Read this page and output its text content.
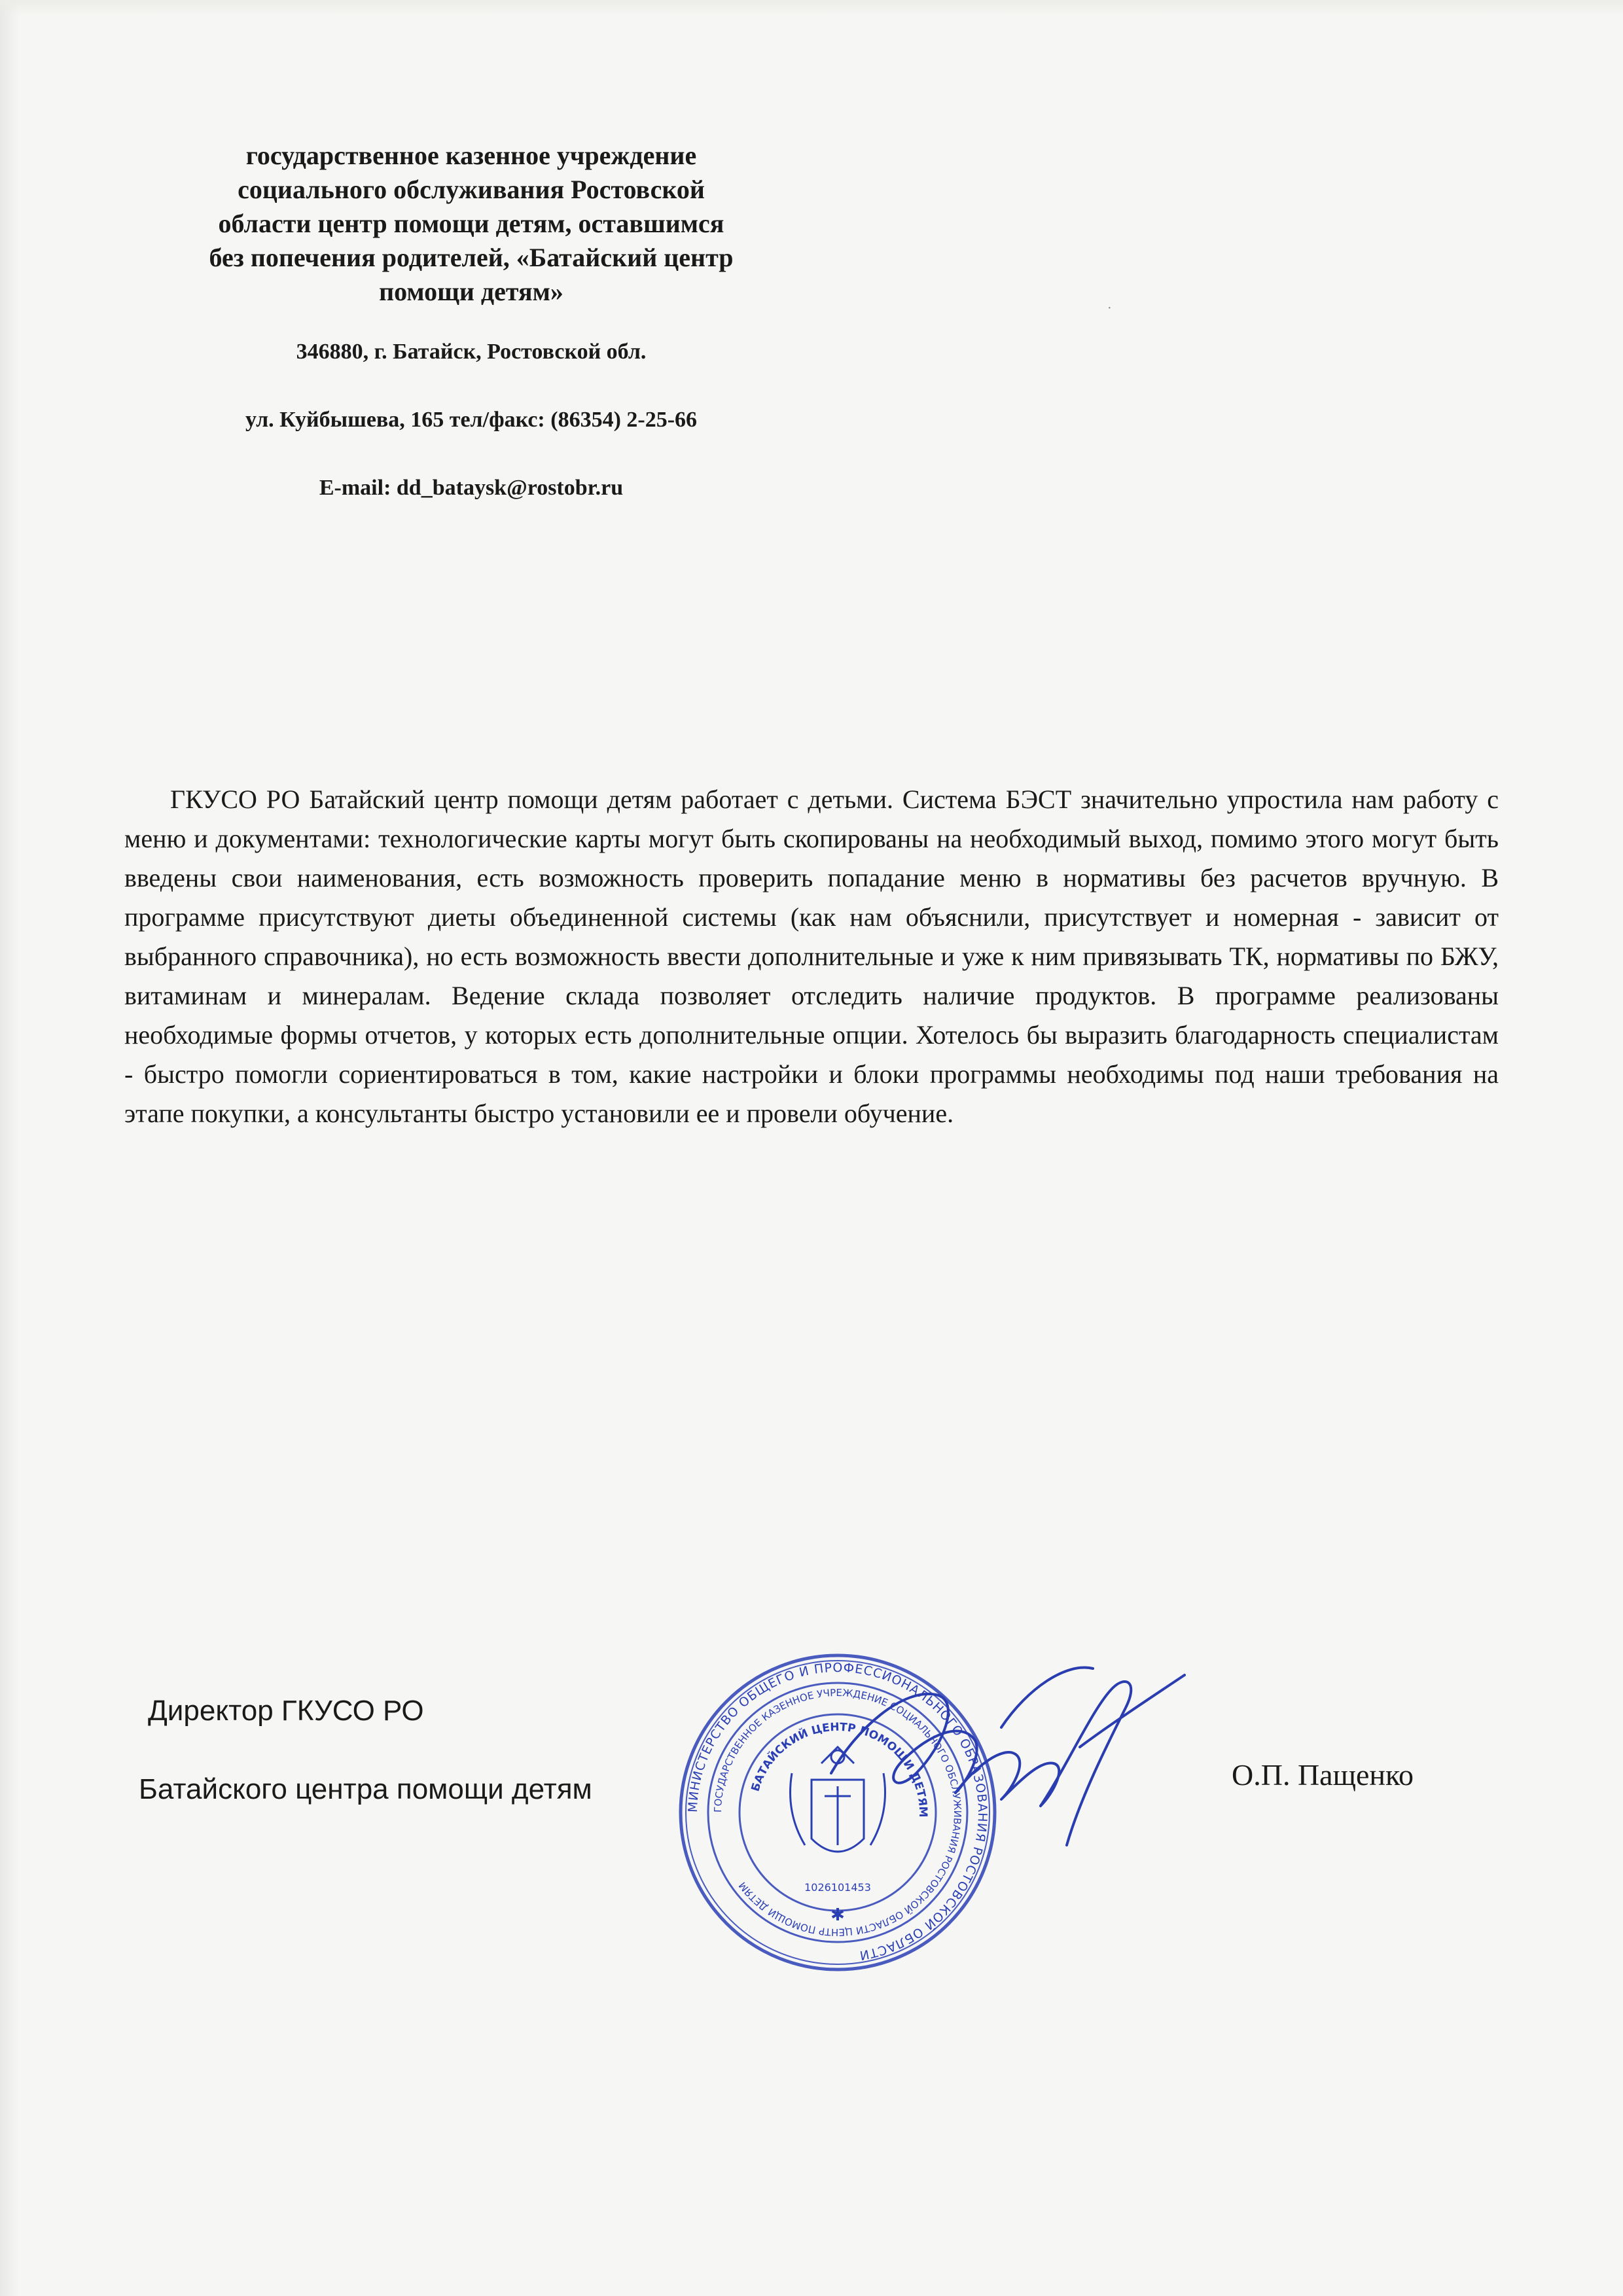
государственное казенное учреждение
социального обслуживания Ростовской
области центр помощи детям, оставшимся
без попечения родителей, «Батайский центр
помощи детям»

346880, г. Батайск, Ростовской обл.

ул. Куйбышева, 165 тел/факс: (86354) 2-25-66

E-mail: dd_bataysk@rostobr.ru

·

ГКУСО РО Батайский центр помощи детям работает с детьми. Система БЭСТ значительно упростила нам работу с меню и документами: технологические карты могут быть скопированы на необходимый выход, помимо этого могут быть введены свои наименования, есть возможность проверить попадание меню в нормативы без расчетов вручную. В программе присутствуют диеты объединенной системы (как нам объяснили, присутствует и номерная - зависит от выбранного справочника), но есть возможность ввести дополнительные и уже к ним привязывать ТК, нормативы по БЖУ, витаминам и минералам. Ведение склада позволяет отследить наличие продуктов. В программе реализованы необходимые формы отчетов, у которых есть дополнительные опции. Хотелось бы выразить благодарность специалистам - быстро помогли сориентироваться в том, какие настройки и блоки программы необходимы под наши требования на этапе покупки, а консультанты быстро установили ее и провели обучение.

Директор ГКУСО РО

Батайского центра помощи детям	О.П. Пащенко

МИНИСТЕРСТВО ОБЩЕГО И ПРОФЕССИОНАЛЬНОГО ОБРАЗОВАНИЯ РОСТОВСКОЙ ОБЛАСТИ
ГОСУДАРСТВЕННОЕ КАЗЕННОЕ УЧРЕЖДЕНИЕ СОЦИАЛЬНОГО ОБСЛУЖИВАНИЯ РОСТОВСКОЙ ОБЛАСТИ ЦЕНТР ПОМОЩИ ДЕТЯМ
БАТАЙСКИЙ ЦЕНТР ПОМОЩИ ДЕТЯМ
1026101453
✱
